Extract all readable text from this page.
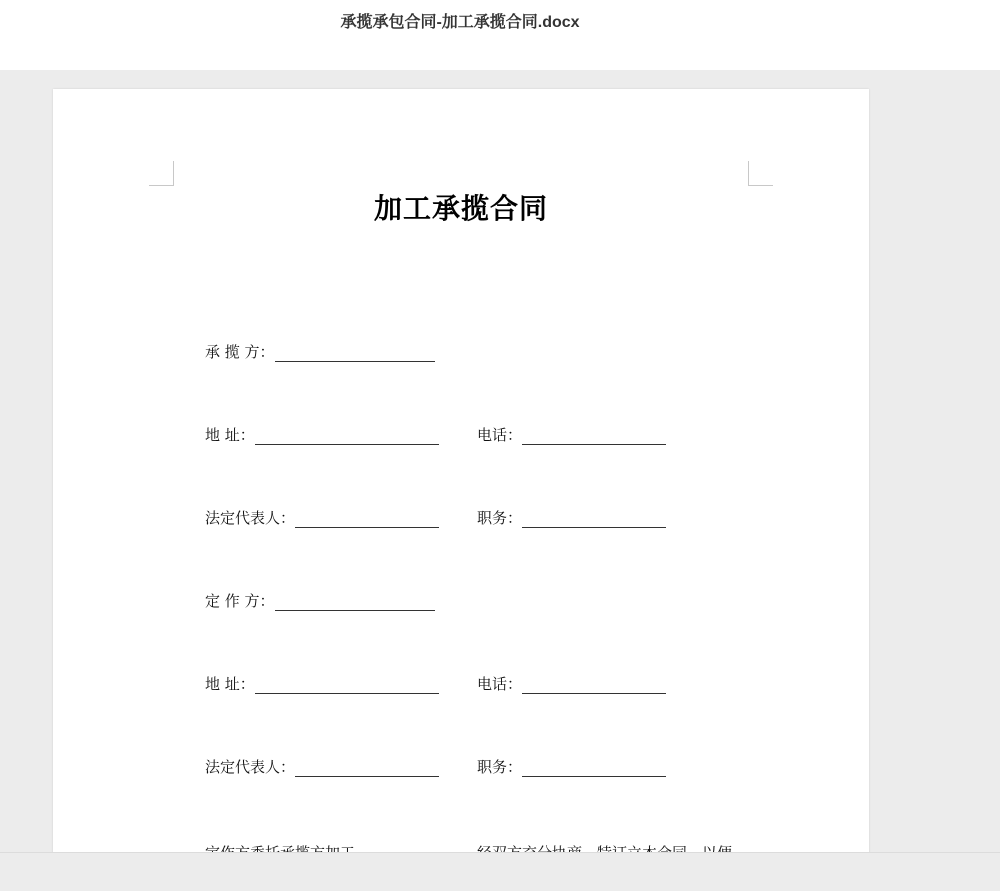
承揽承包合同-加工承揽合同.docx
加工承揽合同
承 揽 方：
地 址：	电话：
法定代表人：	职务：
定 作 方：
地 址：	电话：
法定代表人：	职务：
